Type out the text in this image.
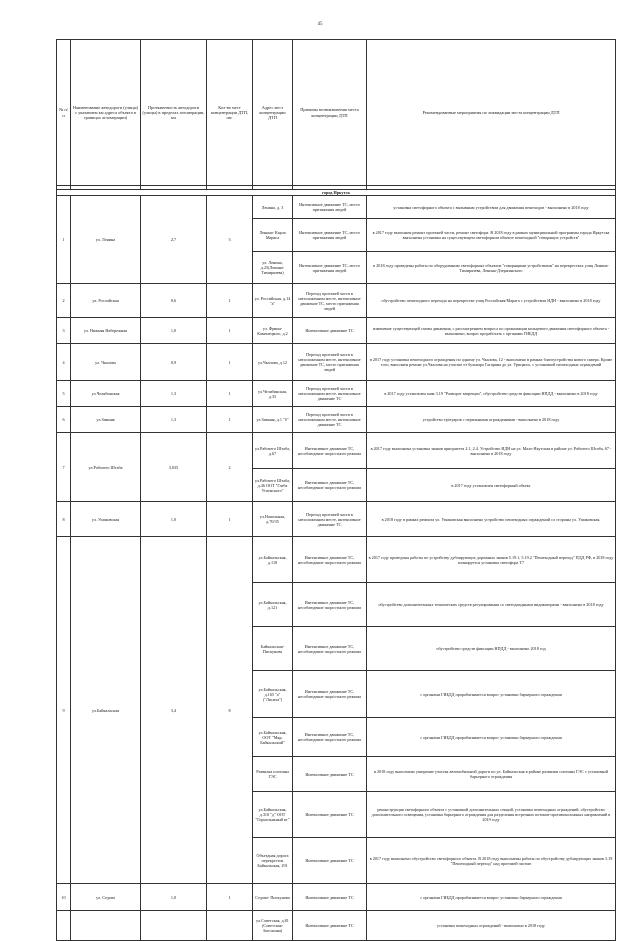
45
№ п/п	Наименование автодороги (улицы) с указанием км адреса объекта в границах агломерации)	Протяженность автодороги (улицы) в пределах агломерации, км	Кол-во мест концентрации ДТП, шт.	Адрес мест концентрации ДТП	Причины возникновения места концентрации ДТП	Рекомендованные мероприятия по ликвидации места концентрации ДТП

город Иркутск						
1	ул. Ленина	2,7	3	Ленина, д. 3	Интенсивное движение ТС, место притяжения людей	установка светофорного объекта с вызывным устройством для движения пешеходов - выполнено в 2018 году
				Ленина- Карла Маркса	Интенсивное движение ТС, место притяжения людей	в 2017 году выполнен ремонт проезжей части, ремонт светофора. В 2018 году в рамках муниципальной программы города Иркутска выполнена установка на существующем светофорном объекте пешеходной "говорящих устройств"
				ул. Ленина, д.25(Ленина-Тимирязева)	Интенсивное движение ТС, место притяжения людей	в 2018 году проведены работы по оборудованию светофорных объектов "говорящими устройствами" на перекрестках улиц Ленина-Тимирязева, Ленина-Дзержинского
2	ул. Российская	0,6	1	ул. Российская, д.14 "а"	Переход проезжей части в неположенном месте, интенсивное движение ТС, место притяжения людей	обустройство пешеходного перехода на перекрестке улиц Российская/Марата с устройством ИДН - выполнено в 2018 году
3	ул. Нижняя Набережная	1,0	1	ул. Фрвин-Каменецкого, д.2	Интенсивное движение ТС	изменение существующей схемы движения, с рассмотрением вопроса по организации кольцевого движения светофорного объекта - выполнено, вопрос проработать с органами ГИБДД
4	ул. Чкалова	0,9	1	ул.Чкалова, д.12	Переход проезжей части в неположенном месте, интенсивное движение ТС, место притяжения людей	в 2017 году установка пешеходного ограждения по одному ул. Чкалова, 12 - выполнено в рамках благоустройства нового сквера. Кроме того, выполнен ремонт ул.Чкалова на участке от бульвара Гагарина до ул. Урицкого, с установкой пешеходных ограждений
5	ул.Челябинская	1,3	1	ул.Челябинская, д.35	Переход проезжей части в неположенном месте, интенсивное движение ТС	в 2017 году установлен знак 3.19 "Разворот запрещен", обустройство средств фиксации НПДД - выполнено в 2018 году
6	ул.Зимняя	1,3	1	ул.Зимняя, д.1 "б"	Переход проезжей части в неположенном месте, интенсивное движение ТС	устройство тротуаров с перильными ограждениями - выполнено в 2018 году
7	ул.Рабочего Штаба	3,035	2	ул.Рабочего Штаба, д.67	Интенсивное движение ТС, несоблюдение скоростного режима	в 2017 году выполнена установка знаков приоритета 2.1, 2.4. Устройство ИДН на ул. Мало-Якутская в районе ул. Рабочего Штаба, 67 - выполнено в 2018 году
				ул.Рабочего Штаба, д.46 ООТ "Глеба Успенского"	Интенсивное движение ТС, несоблюдение скоростного режима	в 2017 году установлен светофорный объект
8	ул. Ушаковская	1,0	1	ул.Напольная, д.70/35	Переход проезжей части в неположенном месте, интенсивное движение ТС	в 2018 году в рамках ремонта ул. Ушаковская выполнено устройство пешеходных ограждений со стороны ул. Ушаковская.
9	ул.Байкальская	3,4	8	ул.Байкальская, д.118	Интенсивное движение ТС, несоблюдение скоростного режима	в 2017 году проведены работы по устройству дублирующих дорожных знаков 5.19.1, 5.19.2 "Пешеходный переход" ПДД РФ, в 2018 году планируется установка светофора Т7
				ул.Байкальская, д.121	Интенсивное движение ТС, несоблюдение скоростного режима	обустройство дополнительных технических средств регулирования со светодиодными индикаторами - выполнено в 2018 году
				Байкальская- Пискунова	Интенсивное движение ТС, несоблюдение скоростного режима	обустройство средств фиксации НПДД - выполнено 2018 год
				ул.Байкальская, д.165 "а" ("Лисиха")	Интенсивное движение ТС, несоблюдение скоростного режима	с органами ГИБДД прорабатывается вопрос установки барьерного ограждения
				ул.Байкальская, ООТ "Мкр. Байкальский"	Интенсивное движение ТС, несоблюдение скоростного режима	с органами ГИБДД прорабатывается вопрос установки барьерного ограждения
				Развилка плотины ГЭС	Интенсивное движение ТС	в 2018 году выполнено уширение участка автомобильной дороги по ул. Байкальская в районе развилки плотины ГЭС с установкой барьерного ограждения
				ул.Байкальская, д.310 "д" ООТ "Горнолыжный кт"	Интенсивное движение ТС	реконструкция светофорного объекта с установкой дополнительных секций, установка пешеходных ограждений, обустройство дополнительного освещения, установка барьерного ограждения для разделения встречных потоков-противоположных направлений в 2019 году
				Объездная дорога перекресток Байкальская, 291	Интенсивное движение ТС	в 2017 году выполнено обустройство светофорного объекта. В 2018 году выполнены работы по обустройству дублирующих знаков 3.19 "Пешеходный переход" над проезжей частью
10	ул. Седова	1,0	1	Седова- Пискунова	Интенсивное движение ТС	с органами ГИБДД прорабатывается вопрос установки барьерного ограждения
				ул.Советская, д.81 (Советская-Загоскина)	Интенсивное движение ТС	установка пешеходных ограждений - выполнено в 2018 году
